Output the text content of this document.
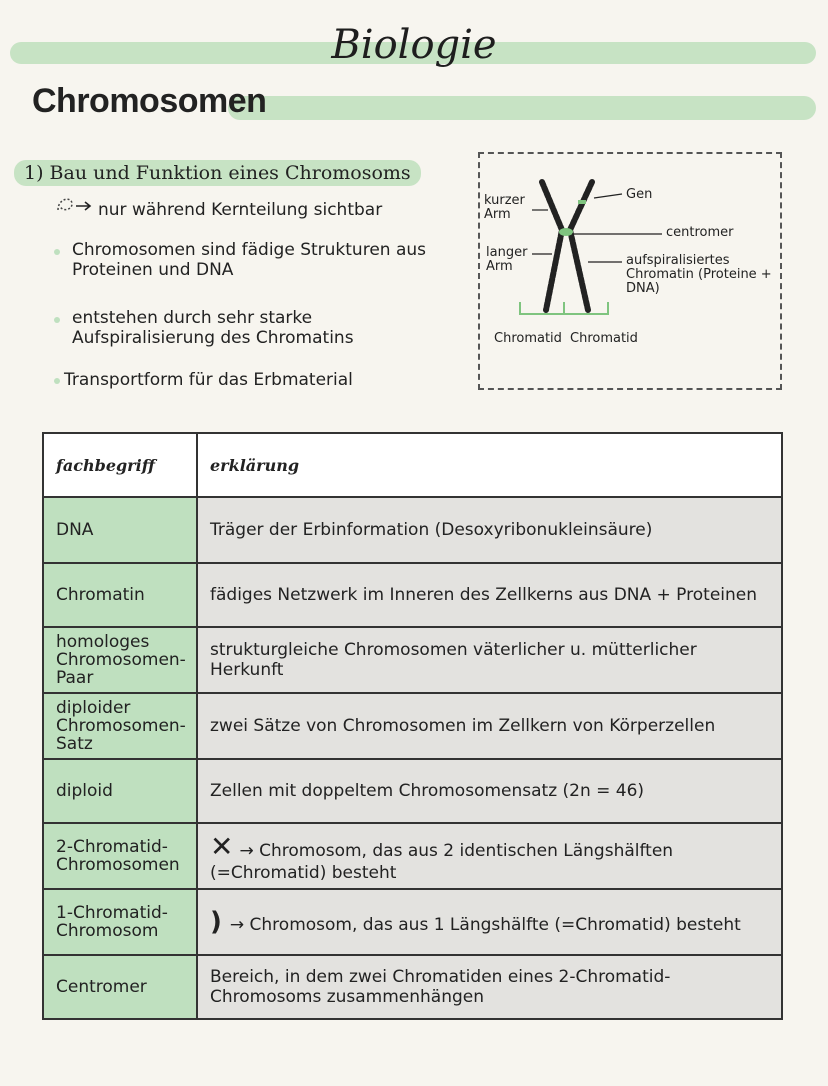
Biologie
Chromosomen
1) Bau und Funktion eines Chromosoms
nur während Kernteilung sichtbar
Chromosomen sind fädige Strukturen aus Proteinen und DNA
entstehen durch sehr starke Aufspiralisierung des Chromatins
Transportform für das Erbmaterial
kurzer Arm
langer Arm
Gen
centromer
aufspiralisiertes Chromatin (Proteine + DNA)
Chromatid Chromatid
fachbegriff	erklärung
DNA	Träger der Erbinformation (Desoxyribonukleinsäure)
Chromatin	fädiges Netzwerk im Inneren des Zellkerns aus DNA + Proteinen
homologes Chromosomen-Paar	strukturgleiche Chromosomen väterlicher u. mütterlicher Herkunft
diploider Chromosomen-Satz	zwei Sätze von Chromosomen im Zellkern von Körperzellen
diploid	Zellen mit doppeltem Chromosomensatz (2n = 46)
2-Chromatid-Chromosomen	✕ → Chromosom, das aus 2 identischen Längshälften (=Chromatid) besteht
1-Chromatid-Chromosom	) → Chromosom, das aus 1 Längshälfte (=Chromatid) besteht
Centromer	Bereich, in dem zwei Chromatiden eines 2-Chromatid-Chromosoms zusammenhängen
